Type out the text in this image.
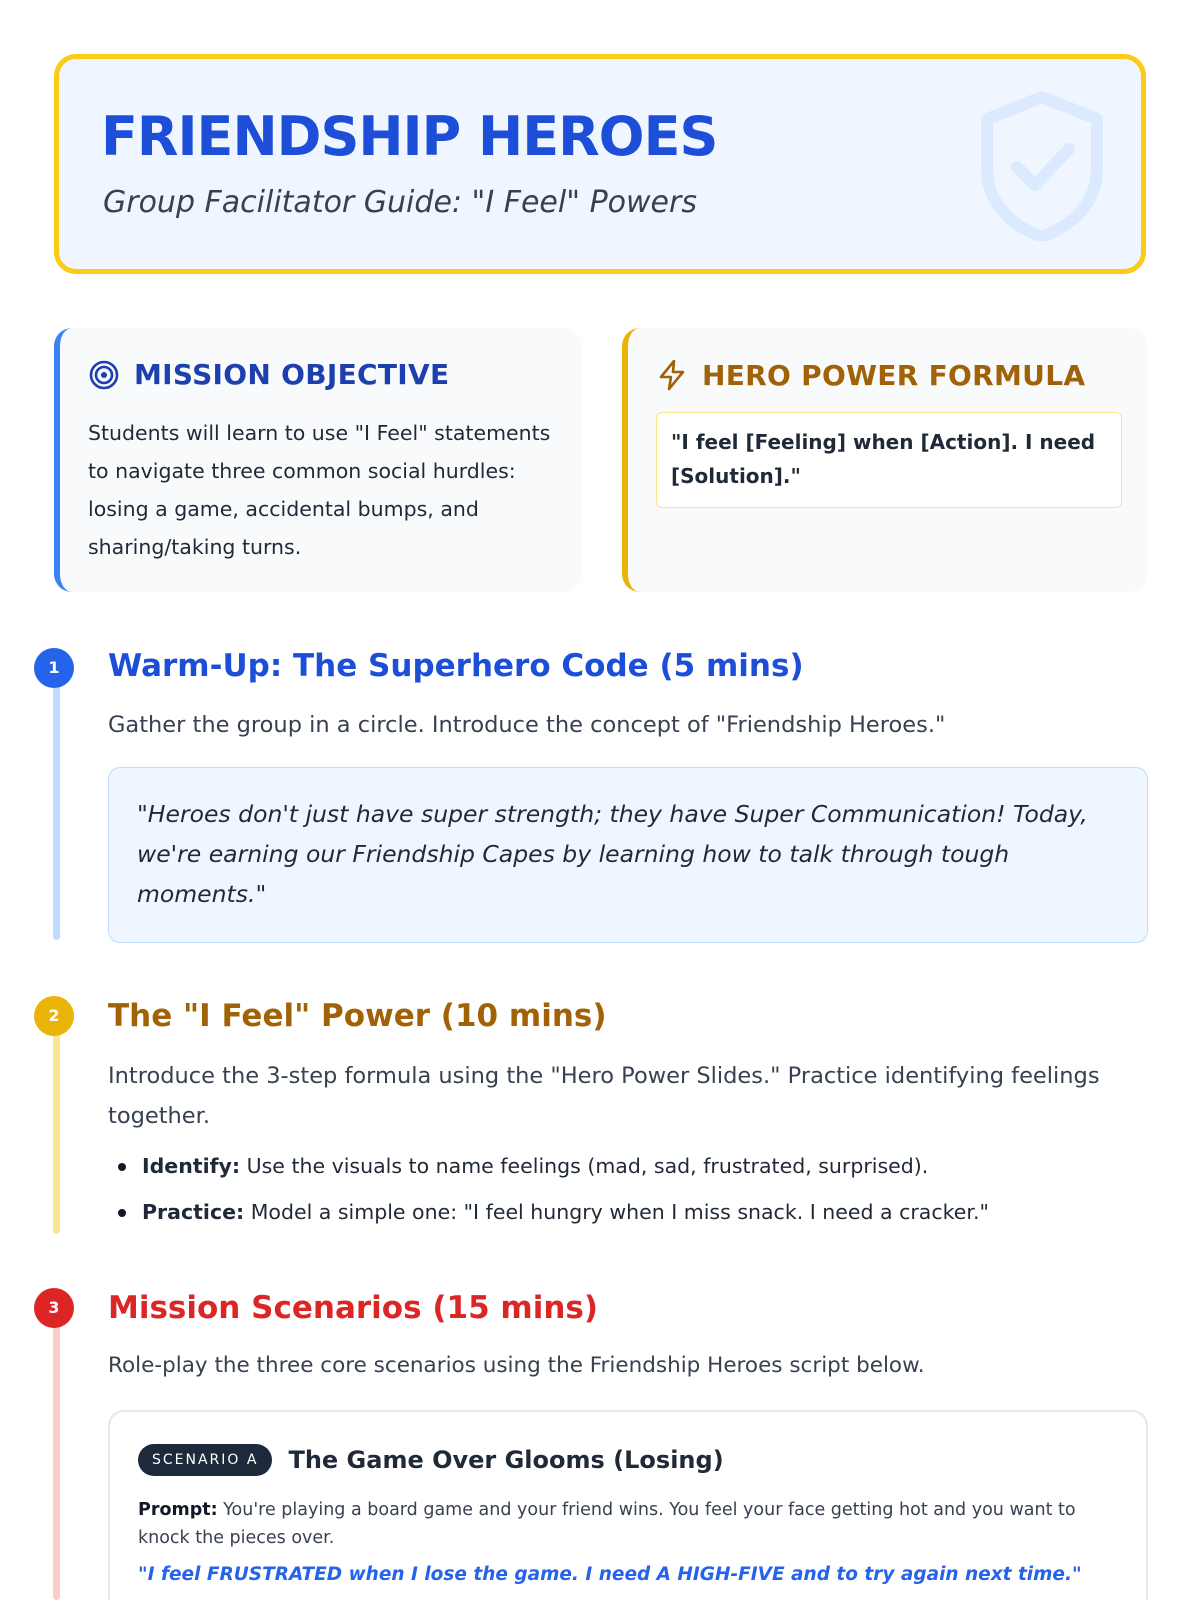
FRIENDSHIP HEROES
Group Facilitator Guide: "I Feel" Powers
MISSION OBJECTIVE
Students will learn to use "I Feel" statements to navigate three common social hurdles: losing a game, accidental bumps, and sharing/taking turns.
HERO POWER FORMULA
"I feel [Feeling] when [Action]. I need [Solution]."
1	Warm-Up: The Superhero Code (5 mins)
Gather the group in a circle. Introduce the concept of "Friendship Heroes."
"Heroes don't just have super strength; they have Super Communication! Today, we're earning our Friendship Capes by learning how to talk through tough moments."
2	The "I Feel" Power (10 mins)
Introduce the 3-step formula using the "Hero Power Slides." Practice identifying feelings together.
Identify: Use the visuals to name feelings (mad, sad, frustrated, surprised).
Practice: Model a simple one: "I feel hungry when I miss snack. I need a cracker."
3	Mission Scenarios (15 mins)
Role-play the three core scenarios using the Friendship Heroes script below.
SCENARIO A	The Game Over Glooms (Losing)
Prompt: You're playing a board game and your friend wins. You feel your face getting hot and you want to knock the pieces over.
"I feel FRUSTRATED when I lose the game. I need A HIGH-FIVE and to try again next time."
